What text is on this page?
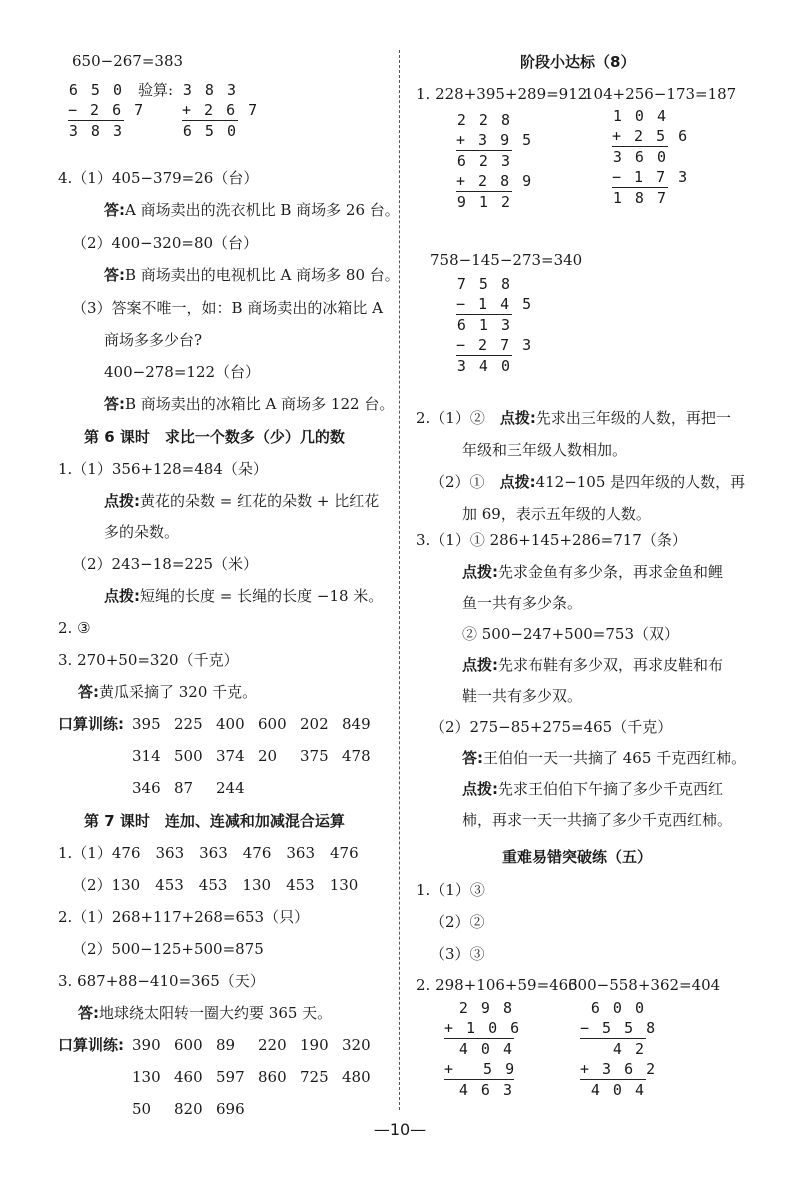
650−267=383
6 5 0
− 2 6 7
3 8 3
验算: 3 8 3
+ 2 6 7
6 5 0
4.（1）405−379=26（台）
答:A 商场卖出的洗衣机比 B 商场多 26 台。
（2）400−320=80（台）
答:B 商场卖出的电视机比 A 商场多 80 台。
（3）答案不唯一，如：B 商场卖出的冰箱比 A
商场多多少台?
400−278=122（台）
答:B 商场卖出的冰箱比 A 商场多 122 台。
第 6 课时　求比一个数多（少）几的数
1.（1）356+128=484（朵）
点拨:黄花的朵数 = 红花的朵数 + 比红花
多的朵数。
（2）243−18=225（米）
点拨:短绳的长度 = 长绳的长度 −18 米。
2. ③
3. 270+50=320（千克）
答:黄瓜采摘了 320 千克。
口算训练: 395 225 400 600 202 849
314 500 374 20 375 478
346 87 244
第 7 课时　连加、连减和加减混合运算
1.（1）476　363　363　476　363　476
（2）130　453　453　130　453　130
2.（1）268+117+268=653（只）
（2）500−125+500=875
3. 687+88−410=365（天）
答:地球绕太阳转一圈大约要 365 天。
口算训练: 390 600 89 220 190 320
130 460 597 860 725 480
50 820 696
阶段小达标（8）
1. 228+395+289=912
104+256−173=187
2 2 8
+ 3 9 5
6 2 3
+ 2 8 9
9 1 2
1 0 4
+ 2 5 6
3 6 0
− 1 7 3
1 8 7
758−145−273=340
7 5 8
− 1 4 5
6 1 3
− 2 7 3
3 4 0
2.（1）②　 点拨:先求出三年级的人数，再把一
年级和三年级人数相加。
（2）①　 点拨:412−105 是四年级的人数，再
加 69，表示五年级的人数。
3.（1）① 286+145+286=717（条）
点拨:先求金鱼有多少条，再求金鱼和鲤
鱼一共有多少条。
② 500−247+500=753（双）
点拨:先求布鞋有多少双，再求皮鞋和布
鞋一共有多少双。
（2）275−85+275=465（千克）
答:王伯伯一天一共摘了 465 千克西红柿。
点拨:先求王伯伯下午摘了多少千克西红
柿，再求一天一共摘了多少千克西红柿。
重难易错突破练（五）
1.（1）③
（2）②
（3）③
2. 298+106+59=463
600−558+362=404
2 9 8
+ 1 0 6
4 0 4
+ 　5 9
4 6 3
6 0 0
− 5 5 8
4 2
+ 3 6 2
4 0 4
—10—
